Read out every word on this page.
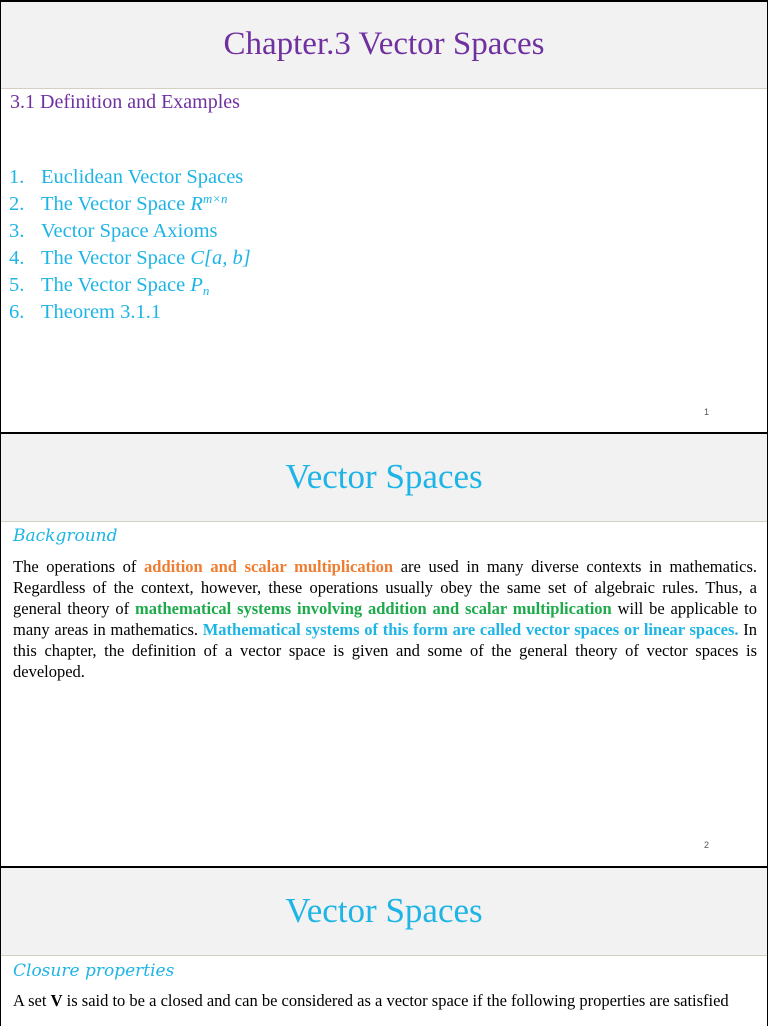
Chapter.3 Vector Spaces
3.1 Definition and Examples
1. Euclidean Vector Spaces
2. The Vector Space $R^{m\times n}$
3. Vector Space Axioms
4. The Vector Space C[a, b]
5. The Vector Space $P_n$
6. Theorem 3.1.1
1
Vector Spaces
Background

The operations of addition and scalar multiplication are used in many diverse contexts in mathematics. Regardless of the context, however, these operations usually obey the same set of algebraic rules. Thus, a general theory of mathematical systems involving addition and scalar multiplication will be applicable to many areas in mathematics. Mathematical systems of this form are called vector spaces or linear spaces. In this chapter, the definition of a vector space is given and some of the general theory of vector spaces is developed.

2
Vector Spaces
Closure properties

A set V is said to be a closed and can be considered as a vector space if the following properties are satisfied
